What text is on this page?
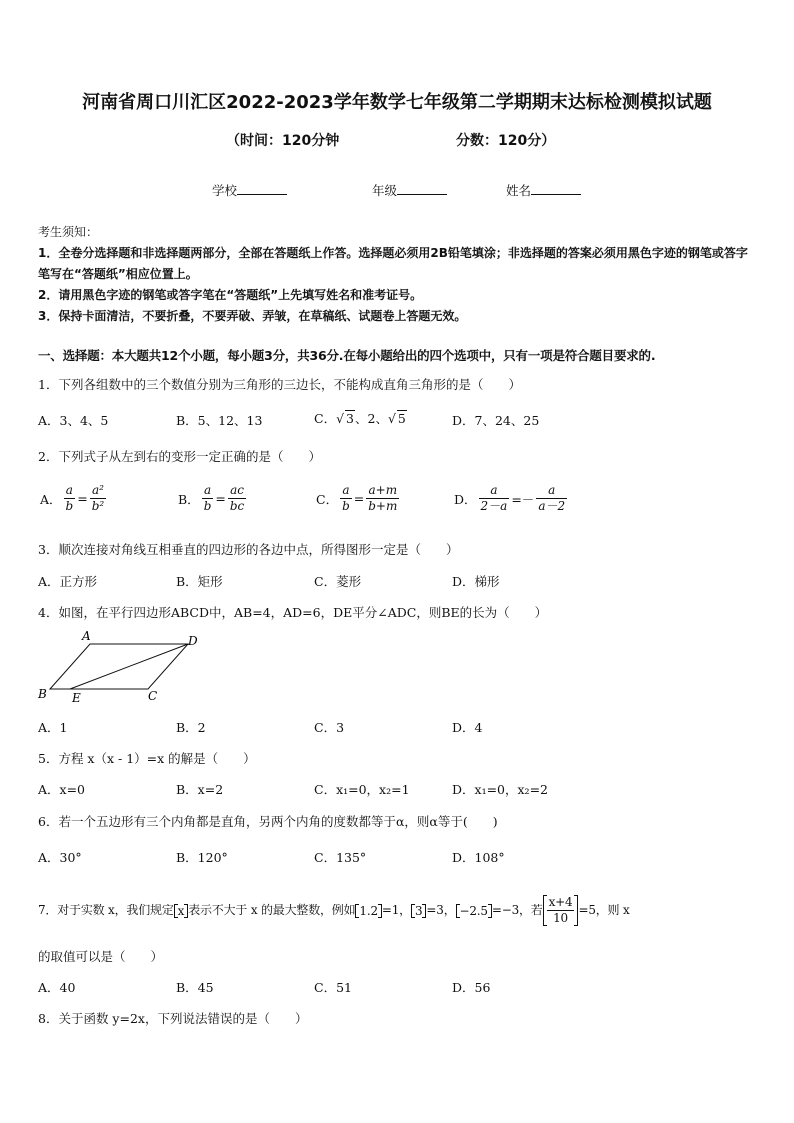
河南省周口川汇区2022-2023学年数学七年级第二学期期末达标检测模拟试题
（时间：120分钟	分数：120分）
学校	年级	姓名
考生须知：
1．全卷分选择题和非选择题两部分，全部在答题纸上作答。选择题必须用2B铅笔填涂；非选择题的答案必须用黑色字迹的钢笔或答字笔写在“答题纸”相应位置上。
2．请用黑色字迹的钢笔或答字笔在“答题纸”上先填写姓名和准考证号。
3．保持卡面清洁，不要折叠，不要弄破、弄皱，在草稿纸、试题卷上答题无效。
一、选择题：本大题共12个小题，每小题3分，共36分.在每小题给出的四个选项中，只有一项是符合题目要求的.
1．下列各组数中的三个数值分别为三角形的三边长，不能构成直角三角形的是（　　）
A．3、4、5	B．5、12、13	C．√ 3、2、√ 5	D．7、24、25
2．下列式子从左到右的变形一定正确的是（　　）
A． $\frac{a}{b} = \frac{\text{a²}}{\text{b²}}$	B． $\frac{a}{b} = \frac{ac}{bc}$	C． $\frac{a}{b} = \frac{a+m}{b+m}$	D． $\frac{a}{2-a} =- \frac{a}{a-2}$
3．顺次连接对角线互相垂直的四边形的各边中点，所得图形一定是（　　）
A．正方形	B．矩形	C．菱形	D．梯形
4．如图，在平行四边形ABCD中，AB=4，AD=6，DE平分∠ADC，则BE的长为（　　）
A	D
B E	C
A．1	B．2	C．3	D．4
5．方程 x（x - 1）=x 的解是（　　）
A．x=0	B．x=2	C．x₁=0，x₂=1	D．x₁=0，x₂=2
6．若一个五边形有三个内角都是直角，另两个内角的度数都等于α，则α等于(　　)
A．30°	B．120°	C．135°	D．108°
7．对于实数 x，我们规定 x 表示不大于 x 的最大整数，例如 1.2 =1， 3 =3， −2.5 =−3，若 $\frac{x+4}{10} =5$，则 x
的取值可以是（　　）
A．40	B．45	C．51	D．56
8．关于函数 y=2x，下列说法错误的是（　　）
